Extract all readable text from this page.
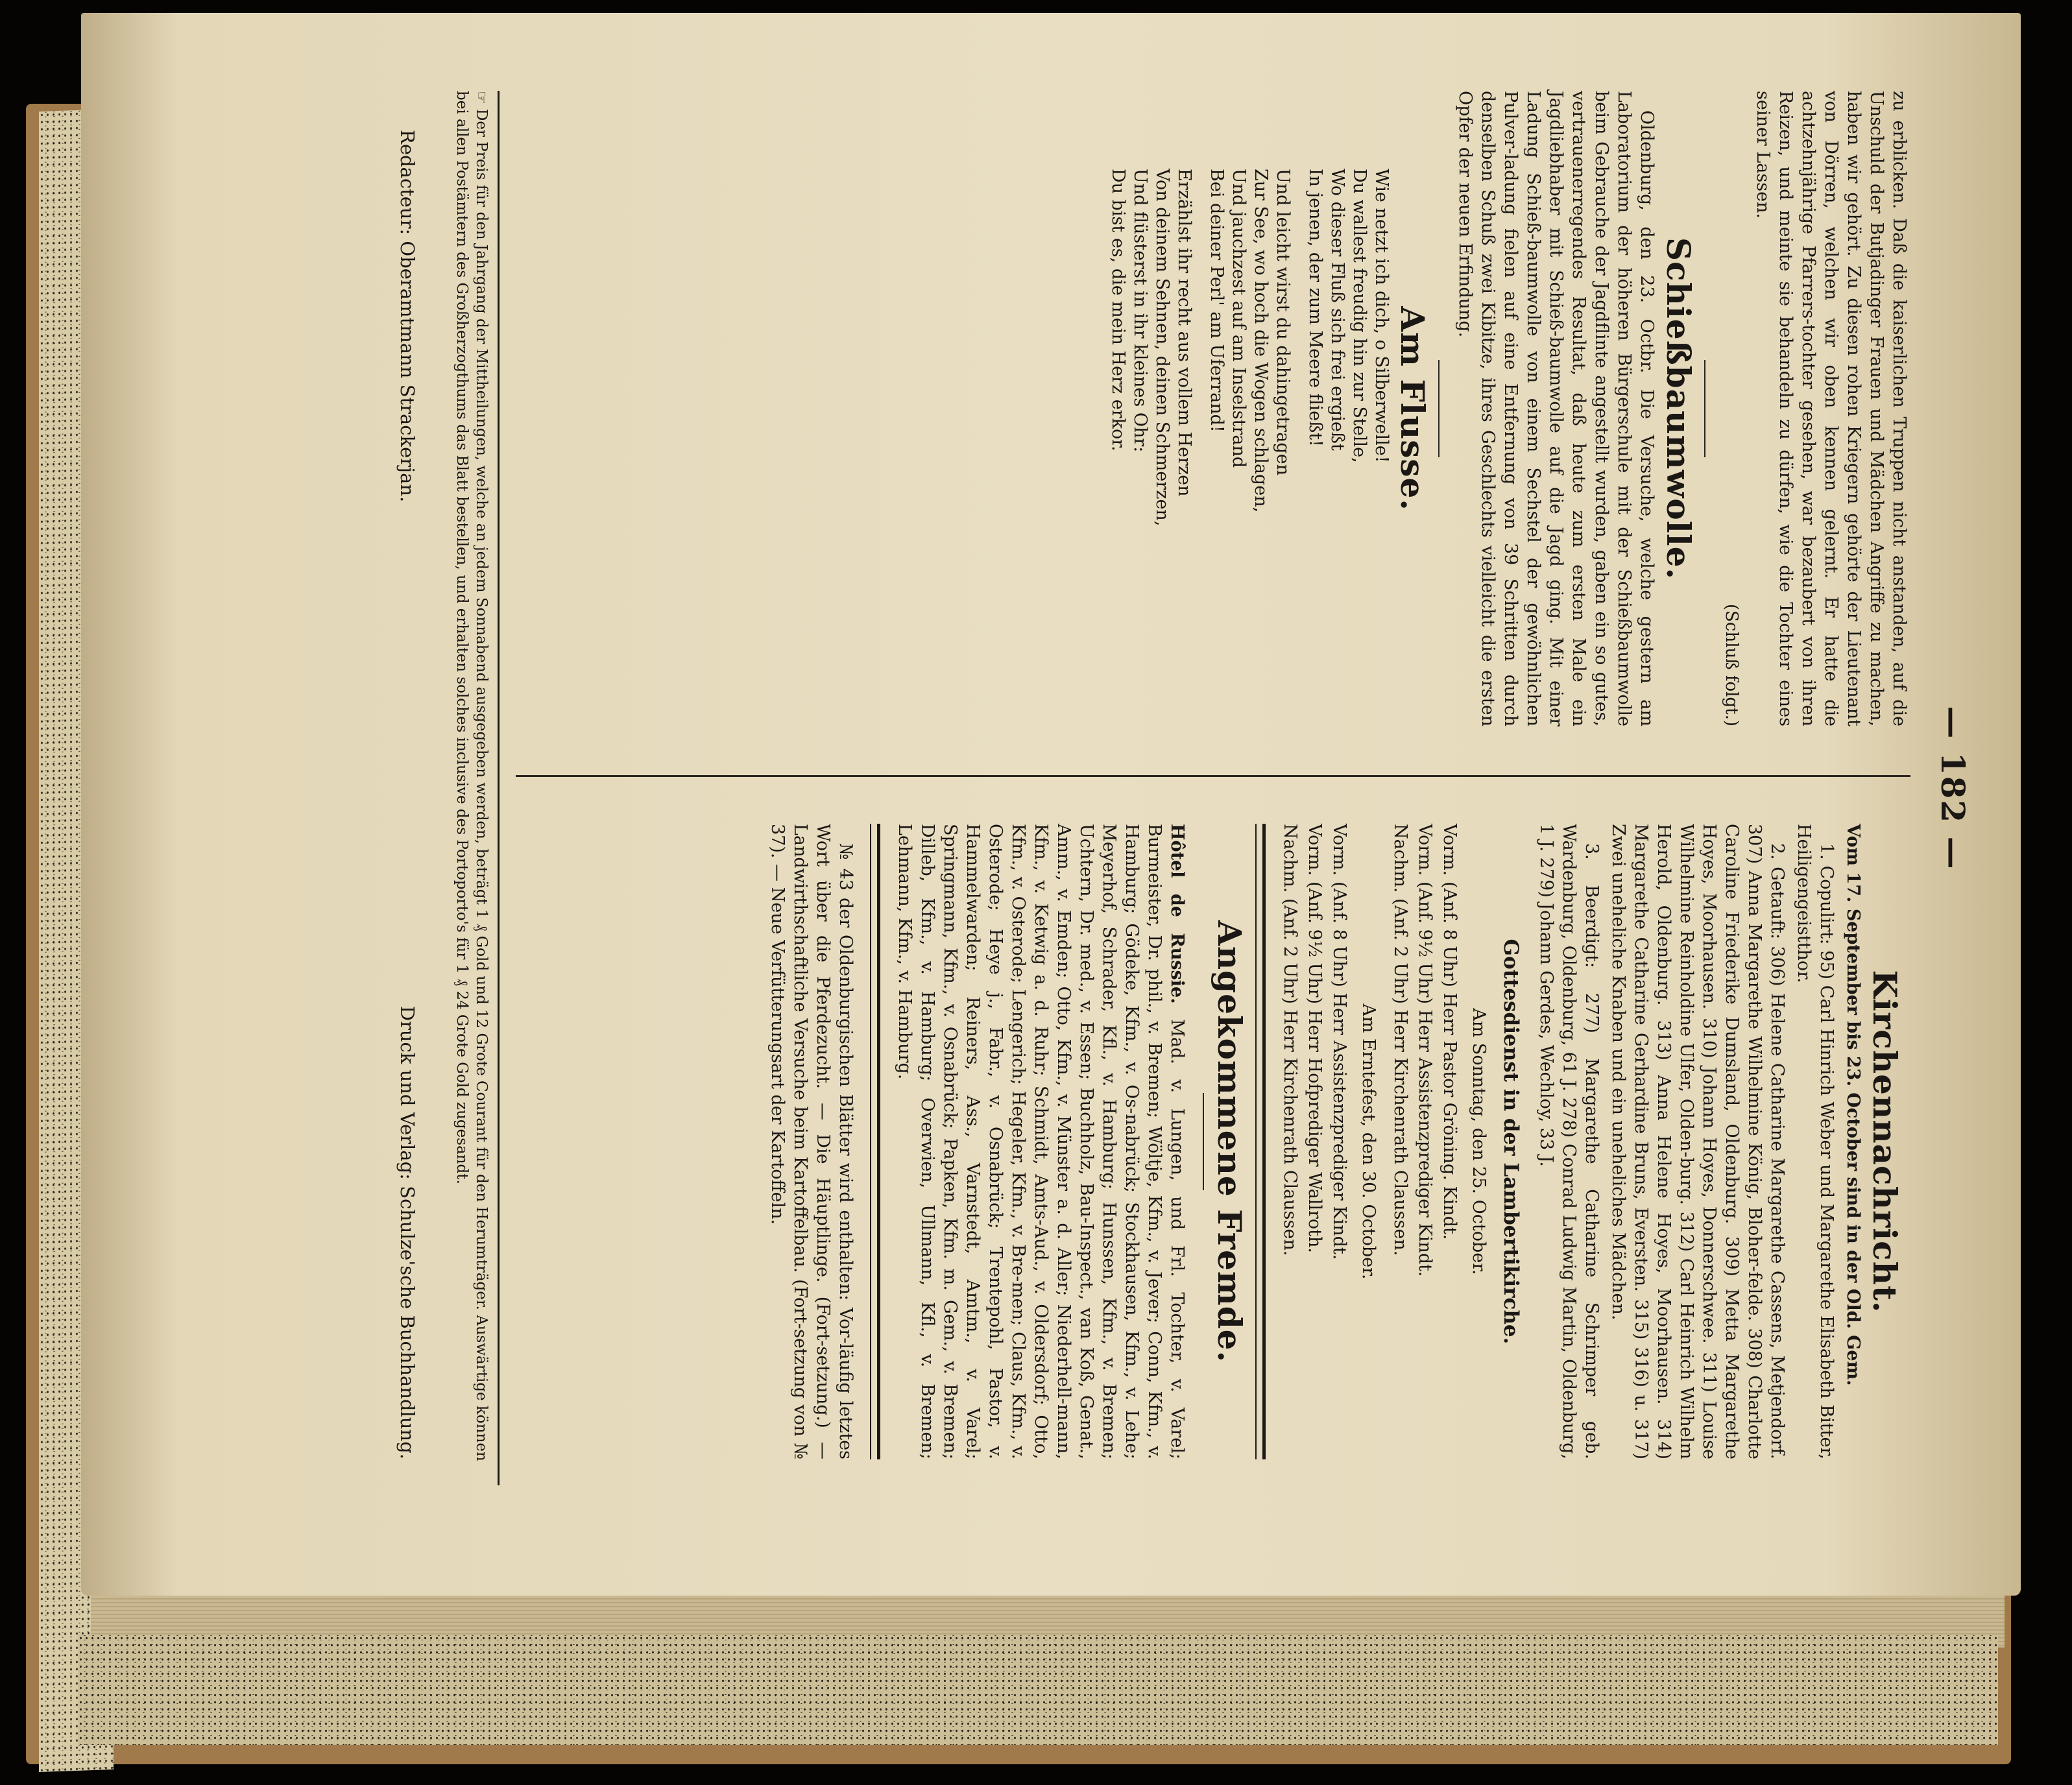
— 182 —

zu erblicken. Daß die kaiserlichen Truppen nicht anstanden, auf die Unschuld der Butjadinger Frauen und Mädchen Angriffe zu machen, haben wir gehört. Zu diesen rohen Kriegern gehörte der Lieutenant von Dörren, welchen wir oben kennen gelernt. Er hatte die achtzehnjährige Pfarrers-tochter gesehen, war bezaubert von ihren Reizen, und meinte sie behandeln zu dürfen, wie die Tochter eines seiner Lassen.

(Schluß folgt.)
Schießbaumwolle.

Oldenburg, den 23. Octbr. Die Versuche, welche gestern am Laboratorium der höheren Bürgerschule mit der Schießbaumwolle beim Gebrauche der Jagdflinte angestellt wurden, gaben ein so gutes, vertrauenerregendes Resultat, daß heute zum ersten Male ein Jagdliebhaber mit Schieß-baumwolle auf die Jagd ging. Mit einer Ladung Schieß-baumwolle von einem Sechstel der gewöhnlichen Pulver-ladung fielen auf eine Entfernung von 39 Schritten durch denselben Schuß zwei Kibitze, ihres Geschlechts vielleicht die ersten Opfer der neuen Erfindung.

Am Flusse.
Wie netzt ich dich, o Silberwelle!
Du wallest freudig hin zur Stelle,
Wo dieser Fluß sich frei ergießt
In jenen, der zum Meere fließt!
Und leicht wirst du dahingetragen
Zur See, wo hoch die Wogen schlagen,
Und jauchzest auf am Inselstrand
Bei deiner Perl' am Uferrand!
Erzählst ihr recht aus vollem Herzen
Von deinem Sehnen, deinen Schmerzen,
Und flüsterst in ihr kleines Ohr:
Du bist es, die mein Herz erkor.
Kirchennachricht.

Vom 17. September bis 23. October sind in der Old. Gem.

1. Copulirt: 95) Carl Hinrich Weber und Margarethe Elisabeth Bitter, Heiligengeistthor.

2. Getauft: 306) Helene Catharine Margarethe Cassens, Metjendorf. 307) Anna Margarethe Wilhelmine König, Bloher-felde. 308) Charlotte Caroline Friederike Dumsland, Oldenburg. 309) Metta Margarethe Hoyes, Moorhausen. 310) Johann Hoyes, Donnerschwee. 311) Louise Wilhelmine Reinholdine Ulfer, Olden-burg. 312) Carl Heinrich Wilhelm Herold, Oldenburg. 313) Anna Helene Hoyes, Moorhausen. 314) Margarethe Catharine Gerhardine Bruns, Eversten. 315) 316) u. 317) Zwei uneheliche Knaben und ein uneheliches Mädchen.

3. Beerdigt: 277) Margarethe Catharine Schrimper geb. Wardenburg, Oldenburg, 61 J. 278) Conrad Ludwig Martin, Oldenburg, 1 J. 279) Johann Gerdes, Wechloy, 33 J.

Gottesdienst in der Lambertikirche.
Am Sonntag, den 25. October.
Vorm. (Anf. 8 Uhr) Herr Pastor Gröning. Kindt.
Vorm. (Anf. 9½ Uhr) Herr Assistenzprediger Kindt.
Nachm. (Anf. 2 Uhr) Herr Kirchenrath Claussen.
Am Erntefest, den 30. October.
Vorm. (Anf. 8 Uhr) Herr Assistenzprediger Kindt.
Vorm. (Anf. 9½ Uhr) Herr Hofprediger Wallroth.
Nachm. (Anf. 2 Uhr) Herr Kirchenrath Claussen.
Angekommene Fremde.

Hôtel de Russie. Mad. v. Lungen, und Frl. Tochter, v. Varel; Burmeister, Dr. phil., v. Bremen; Wöltje, Kfm., v. Jever; Conn, Kfm., v. Hamburg; Gödeke, Kfm., v. Os-nabrück; Stockhausen, Kfm., v. Lehe; Meyerhof, Schrader, Kfl., v. Hamburg; Hunssen, Kfm., v. Bremen; Uchtern, Dr. med., v. Essen; Buchholz, Bau-Inspect., van Koß, Genat., Amm., v. Emden; Otto, Kfm., v. Münster a. d. Aller; Niederhell-mann, Kfm., v. Ketwig a. d. Ruhr; Schmidt, Amts-Aud., v. Oldersdorf; Otto, Kfm., v. Osterode; Lengerich; Hegeler, Kfm., v. Bre-men; Claus, Kfm., v. Osterode; Heye j., Fabr., v. Osnabrück; Trentepohl, Pastor, v. Hammelwarden; Reiners, Ass., Varnstedt, Amtm., v. Varel; Springmann, Kfm., v. Osnabrück; Papken, Kfm. m. Gem., v. Bremen; Dilleb, Kfm., v. Hamburg; Overwien, Ullmann, Kfl., v. Bremen; Lehmann, Kfm., v. Hamburg.

№ 43 der Oldenburgischen Blätter wird enthalten: Vor-läufig letztes Wort über die Pferdezucht. — Die Häuptlinge. (Fort-setzung.) — Landwirthschaftliche Versuche beim Kartoffelbau. (Fort-setzung von № 37). — Neue Verfütterungsart der Kartoffeln.

☞ Der Preis für den Jahrgang der Mittheilungen, welche an jedem Sonnabend ausgegeben werden, beträgt 1 ₰ Gold und 12 Grote Courant für den Herumträger. Auswärtige können bei allen Postämtern des Großherzogthums das Blatt bestellen, und erhalten solches inclusive des Portoporto's für 1 ₰ 24 Grote Gold zugesandt.
Redacteur: Oberamtmann Strackerjan.
Druck und Verlag: Schulze'sche Buchhandlung.
